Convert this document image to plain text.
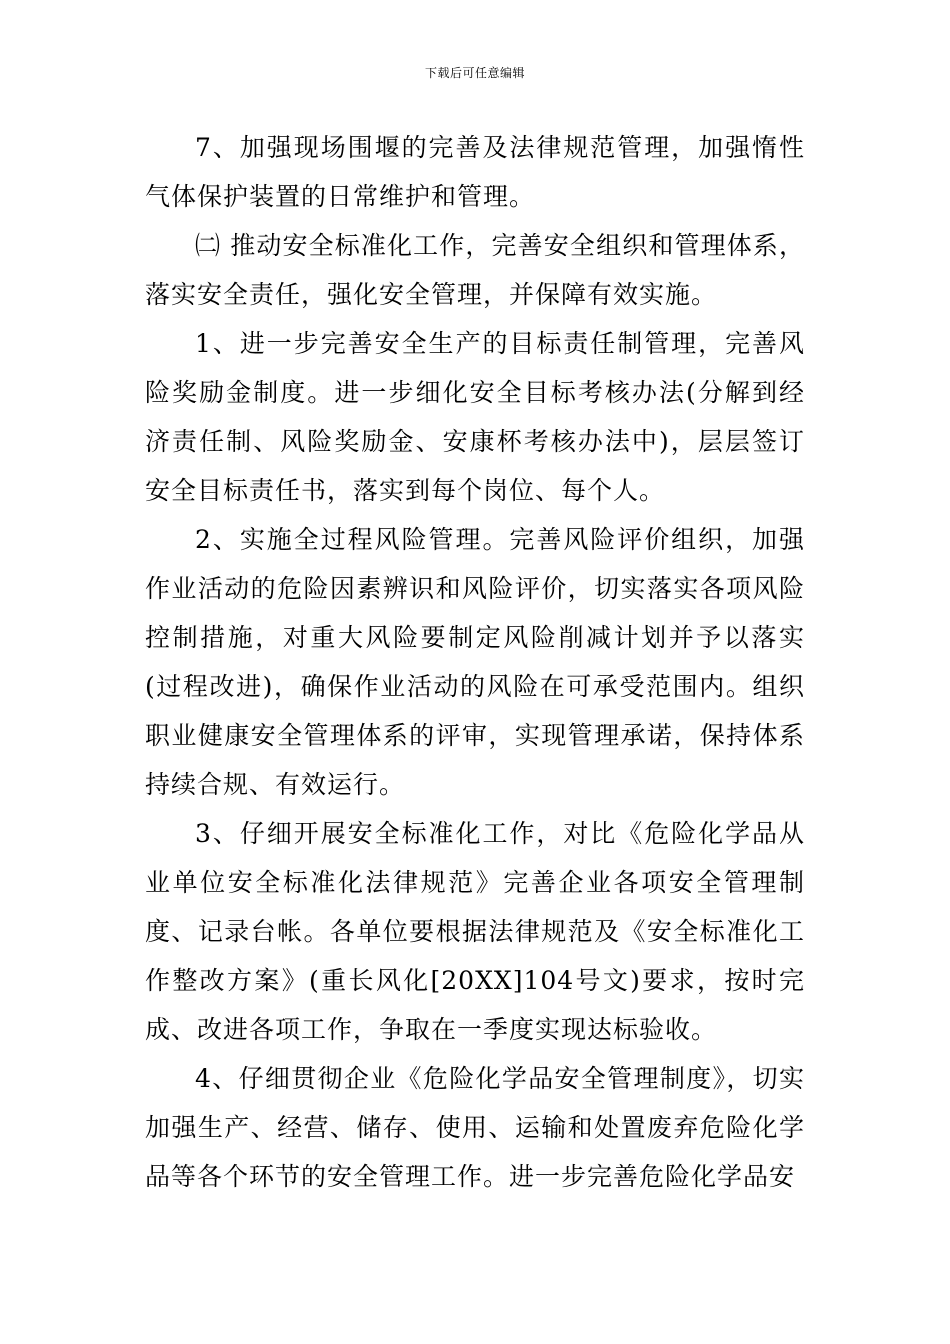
下载后可任意编辑

7、加强现场围堰的完善及法律规范管理，加强惰性气体保护装置的日常维护和管理。

㈡ 推动安全标准化工作，完善安全组织和管理体系，落实安全责任，强化安全管理，并保障有效实施。

1、进一步完善安全生产的目标责任制管理，完善风险奖励金制度。进一步细化安全目标考核办法(分解到经济责任制、风险奖励金、安康杯考核办法中)，层层签订安全目标责任书，落实到每个岗位、每个人。

2、实施全过程风险管理。完善风险评价组织，加强作业活动的危险因素辨识和风险评价，切实落实各项风险控制措施，对重大风险要制定风险削减计划并予以落实(过程改进)，确保作业活动的风险在可承受范围内。组织职业健康安全管理体系的评审，实现管理承诺，保持体系持续合规、有效运行。

3、仔细开展安全标准化工作，对比《危险化学品从业单位安全标准化法律规范》完善企业各项安全管理制度、记录台帐。各单位要根据法律规范及《安全标准化工作整改方案》(重长风化[20XX]104号文)要求，按时完成、改进各项工作，争取在一季度实现达标验收。

4、仔细贯彻企业《危险化学品安全管理制度》，切实加强生产、经营、储存、使用、运输和处置废弃危险化学品等各个环节的安全管理工作。进一步完善危险化学品安
